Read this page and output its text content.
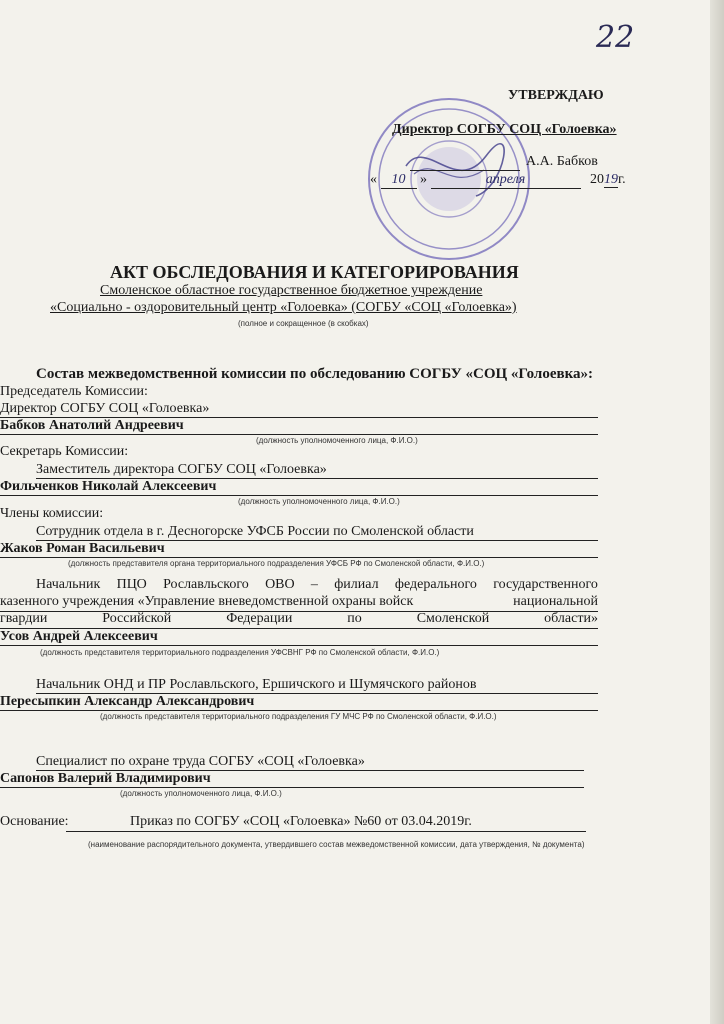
22
УТВЕРЖДАЮ
Директор СОГБУ СОЦ «Голоевка»
А.А. Бабков
« 10 »	апреля	2019г.
АКТ ОБСЛЕДОВАНИЯ И КАТЕГОРИРОВАНИЯ
Смоленское областное государственное бюджетное учреждение
«Социально - оздоровительный центр «Голоевка» (СОГБУ «СОЦ «Голоевка»)
(полное и сокращенное (в скобках)
Состав межведомственной комиссии по обследованию СОГБУ «СОЦ «Голоевка»:
Председатель Комиссии:
Директор СОГБУ СОЦ «Голоевка»
Бабков Анатолий Андреевич
(должность уполномоченного лица, Ф.И.О.)
Секретарь Комиссии:
Заместитель директора СОГБУ СОЦ «Голоевка»
Фильченков Николай Алексеевич
(должность уполномоченного лица, Ф.И.О.)
Члены комиссии:
Сотрудник отдела в г. Десногорске УФСБ России по Смоленской области
Жаков Роман Васильевич
(должность представителя органа территориального подразделения УФСБ РФ по Смоленской области, Ф.И.О.)
Начальник ПЦО Рославльского ОВО – филиал федерального государственного
казенного учреждения «Управление вневедомственной охраны войск	национальной
гвардии	Российской	Федерации	по	Смоленской	области»
Усов Андрей Алексеевич
(должность представителя территориального подразделения УФСВНГ РФ по Смоленской области, Ф.И.О.)
Начальник ОНД и ПР Рославльского, Ершичского и Шумячского районов
Пересыпкин Александр Александрович
(должность представителя территориального подразделения ГУ МЧС РФ по Смоленской области, Ф.И.О.)
Специалист по охране труда СОГБУ «СОЦ «Голоевка»
Сапонов Валерий Владимирович
(должность уполномоченного лица, Ф.И.О.)
Основание:	Приказ по СОГБУ «СОЦ «Голоевка» №60 от 03.04.2019г.
(наименование распорядительного документа, утвердившего состав межведомственной комиссии, дата утверждения, № документа)
